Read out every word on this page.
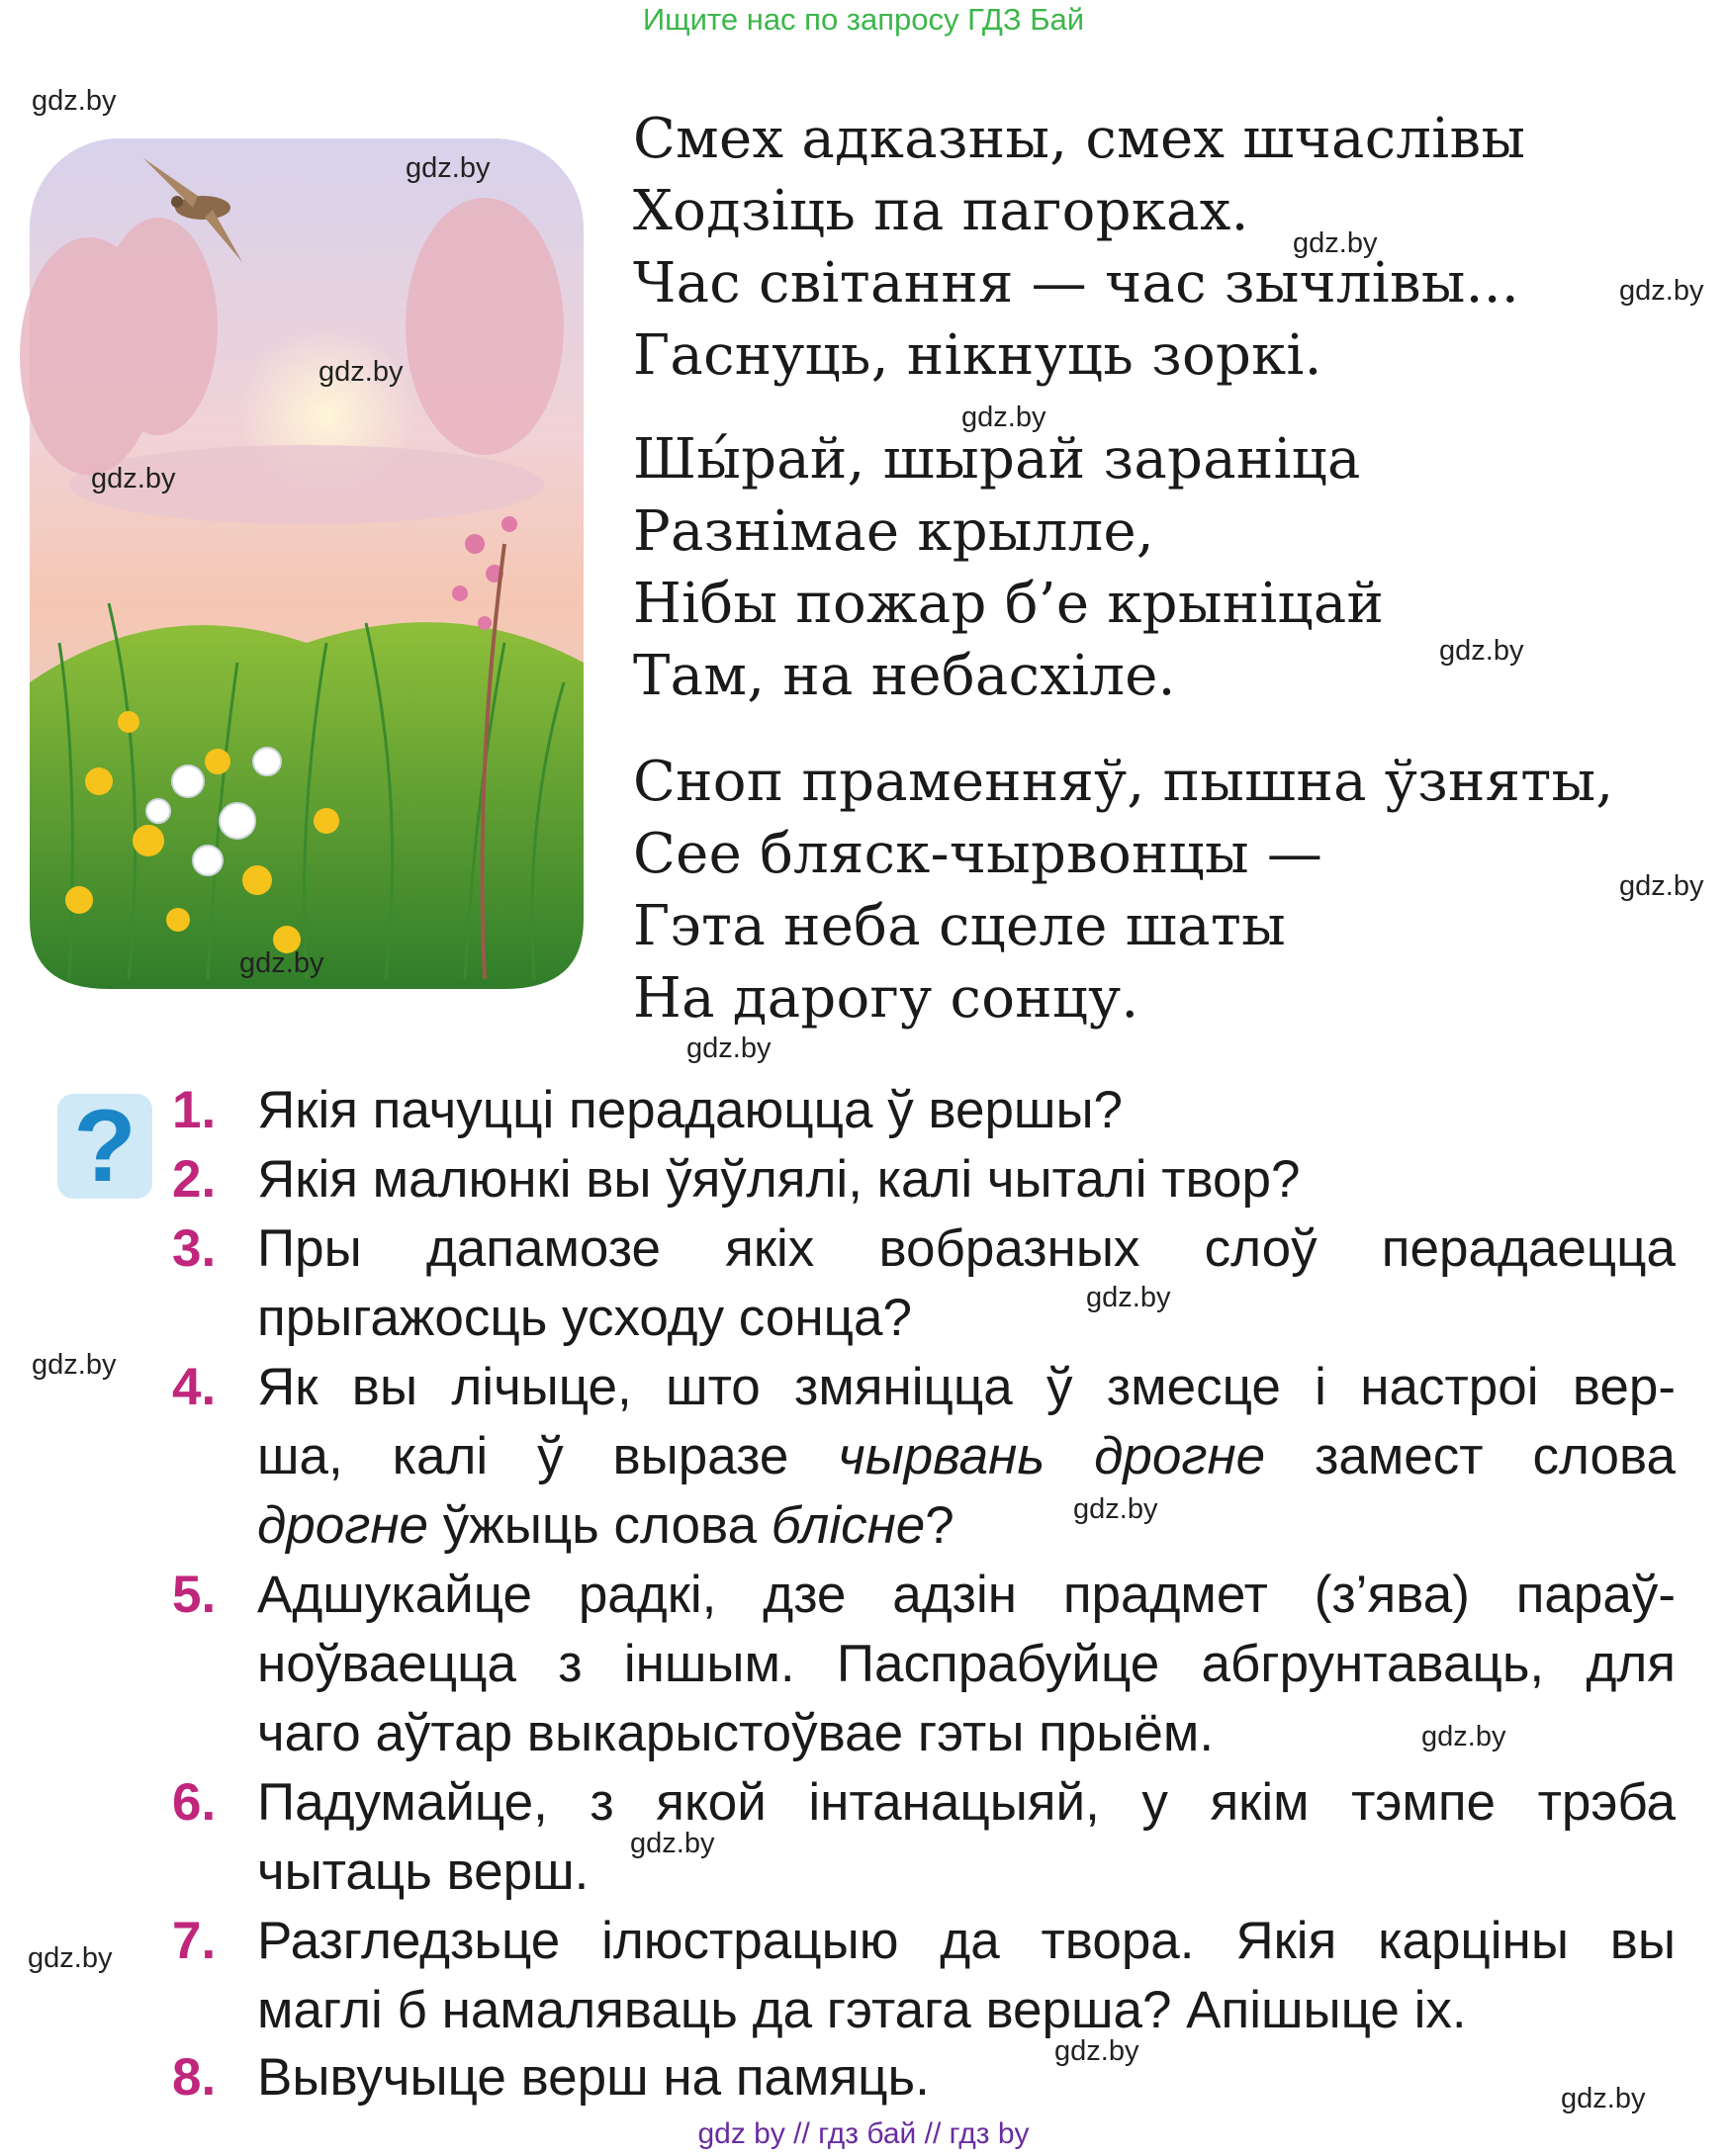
Ищите нас по запросу ГДЗ Бай
gdz.by
gdz.by
gdz.by
gdz.by
gdz.by
gdz.by
gdz.by
gdz.by
gdz.by
gdz.by
gdz.by
gdz.by
gdz.by
gdz.by
gdz.by
gdz.by
gdz.by
gdz.by
gdz.by
Смех адказны, смех шчаслівы
Ходзіць па пагорках.
Час світання — час зычлівы...
Гаснуць, нікнуць зоркі.
Шы́рай, шырай зараніца
Разнімае крылле,
Нібы пожар б’е крыніцай
Там, на небасхіле.
Сноп праменняў, пышна ўзняты,
Сее бляск-чырвонцы —
Гэта неба сцеле шаты
На дарогу сонцу.
? 1. Якія пачуцці перадаюцца ў вершы?
2. Якія малюнкі вы ўяўлялі, калі чыталі твор?
3. Пры дапамозе якіх вобразных слоў перадаецца
прыгажосць усходу сонца?
4. Як вы лічыце, што змяніцца ў змесце і настроі вер-
ша, калі ў выразе чырвань дрогне замест слова
дрогне ўжыць слова блісне?
5. Адшукайце радкі, дзе адзін прадмет (з’ява) параў-
ноўваецца з іншым. Паспрабуйце абгрунтаваць, для
чаго аўтар выкарыстоўвае гэты прыём.
6. Падумайце, з якой інтанацыяй, у якім тэмпе трэба
чытаць верш.
7. Разгледзьце ілюстрацыю да твора. Якія карціны вы
маглі б намаляваць да гэтага верша? Апішыце іх.
8. Вывучыце верш на памяць.
gdz by // гдз бай // гдз by
